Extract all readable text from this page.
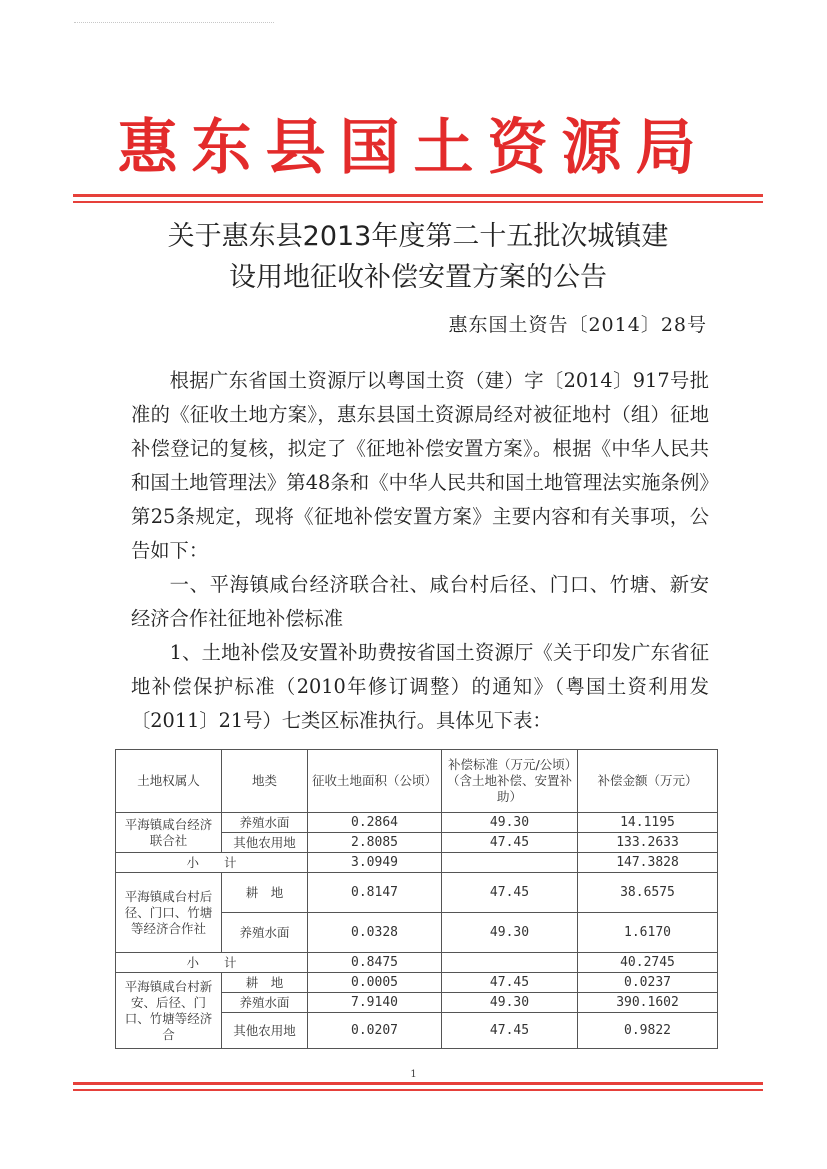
惠东县国土资源局
关于惠东县2013年度第二十五批次城镇建
设用地征收补偿安置方案的公告
惠东国土资告〔2014〕28号

根据广东省国土资源厅以粤国土资（建）字〔2014〕917号批准的《征收土地方案》，惠东县国土资源局经对被征地村（组）征地补偿登记的复核，拟定了《征地补偿安置方案》。根据《中华人民共和国土地管理法》第48条和《中华人民共和国土地管理法实施条例》第25条规定，现将《征地补偿安置方案》主要内容和有关事项，公告如下：

一、平海镇咸台经济联合社、咸台村后径、门口、竹塘、新安经济合作社征地补偿标准

1、土地补偿及安置补助费按省国土资源厅《关于印发广东省征地补偿保护标准（2010年修订调整）的通知》（粤国土资利用发〔2011〕21号）七类区标准执行。具体见下表：

土地权属人	地类	征收土地面积（公顷）	补偿标准（万元/公顷）（含土地补偿、安置补助）	补偿金额（万元）
平海镇咸台经济联合社	养殖水面	0.2864	49.30	14.1195
	其他农用地	2.8085	47.45	133.2633
小　　计		3.0949		147.3828
平海镇咸台村后径、门口、竹塘等经济合作社	耕　地	0.8147	47.45	38.6575
	养殖水面	0.0328	49.30	1.6170
小　　计		0.8475		40.2745
平海镇咸台村新安、后径、门口、竹塘等经济合	耕　地	0.0005	47.45	0.0237
	养殖水面	7.9140	49.30	390.1602
	其他农用地	0.0207	47.45	0.9822
1
